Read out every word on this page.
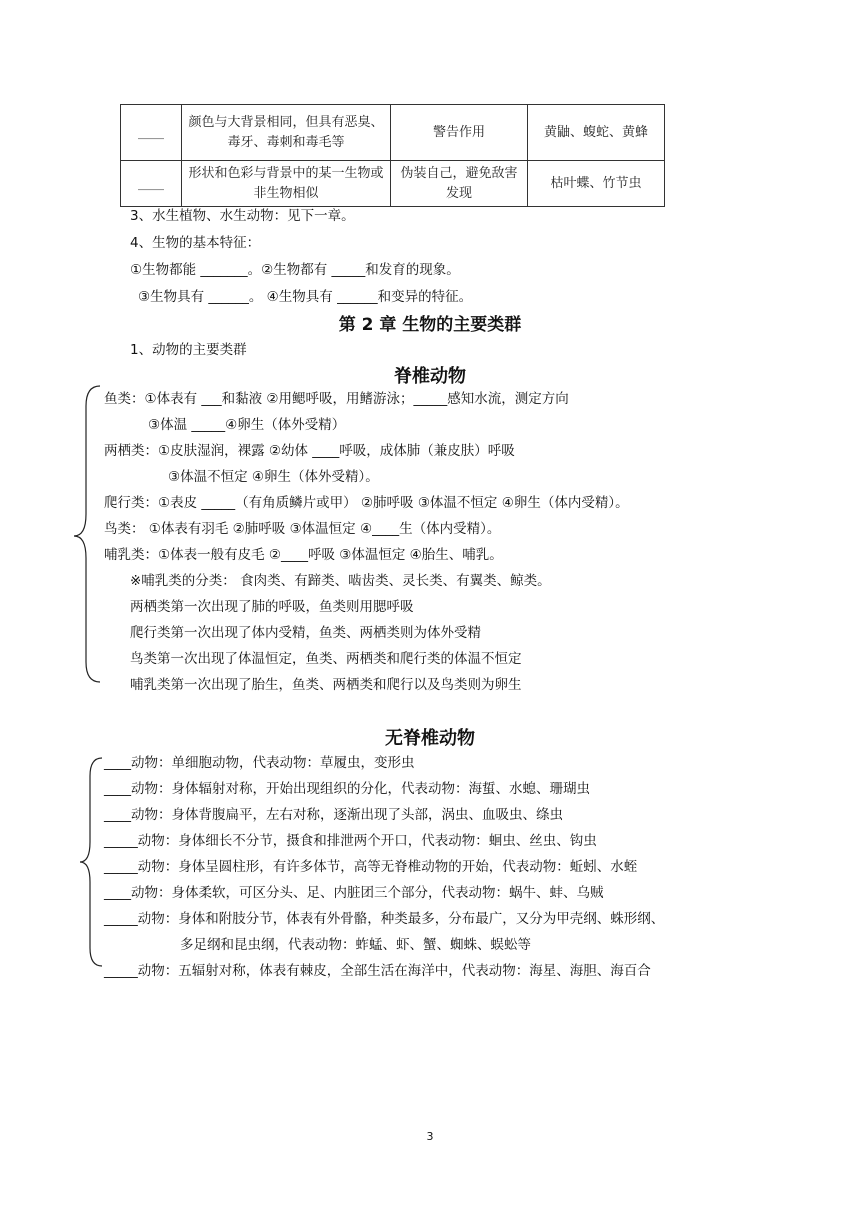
____	颜色与大背景相同，但具有恶臭、毒牙、毒刺和毒毛等	警告作用	黄鼬、蝮蛇、黄蜂
____	形状和色彩与背景中的某一生物或非生物相似	伪装自己，避免敌害发现	枯叶蝶、竹节虫
3、水生植物、水生动物：见下一章。
4、生物的基本特征：
①生物都能 _______。②生物都有 _____和发育的现象。
③生物具有 ______。 ④生物具有 ______和变异的特征。
第 2 章 生物的主要类群
1、动物的主要类群
脊椎动物
鱼类：①体表有 ___和黏液 ②用鳃呼吸，用鳍游泳；_____感知水流，测定方向
③体温 _____④卵生（体外受精）
两栖类：①皮肤湿润，裸露 ②幼体 ____呼吸，成体肺（兼皮肤）呼吸
③体温不恒定 ④卵生（体外受精）。
爬行类：①表皮 _____（有角质鳞片或甲） ②肺呼吸 ③体温不恒定 ④卵生（体内受精）。
鸟类： ①体表有羽毛 ②肺呼吸 ③体温恒定 ④____生（体内受精）。
哺乳类：①体表一般有皮毛 ②____呼吸 ③体温恒定 ④胎生、哺乳。
※哺乳类的分类： 食肉类、有蹄类、啮齿类、灵长类、有翼类、鲸类。
两栖类第一次出现了肺的呼吸，鱼类则用腮呼吸
爬行类第一次出现了体内受精，鱼类、两栖类则为体外受精
鸟类第一次出现了体温恒定，鱼类、两栖类和爬行类的体温不恒定
哺乳类第一次出现了胎生，鱼类、两栖类和爬行以及鸟类则为卵生
无脊椎动物
____动物：单细胞动物，代表动物：草履虫，变形虫
____动物：身体辐射对称，开始出现组织的分化，代表动物：海蜇、水螅、珊瑚虫
____动物：身体背腹扁平，左右对称，逐渐出现了头部，涡虫、血吸虫、绦虫
_____动物：身体细长不分节，摄食和排泄两个开口，代表动物：蛔虫、丝虫、钩虫
_____动物：身体呈圆柱形，有许多体节，高等无脊椎动物的开始，代表动物：蚯蚓、水蛭
____动物：身体柔软，可区分头、足、内脏团三个部分，代表动物：蜗牛、蚌、乌贼
_____动物：身体和附肢分节，体表有外骨骼，种类最多，分布最广，又分为甲壳纲、蛛形纲、
多足纲和昆虫纲，代表动物：蚱蜢、虾、蟹、蜘蛛、蜈蚣等
_____动物：五辐射对称，体表有棘皮，全部生活在海洋中，代表动物：海星、海胆、海百合
3
